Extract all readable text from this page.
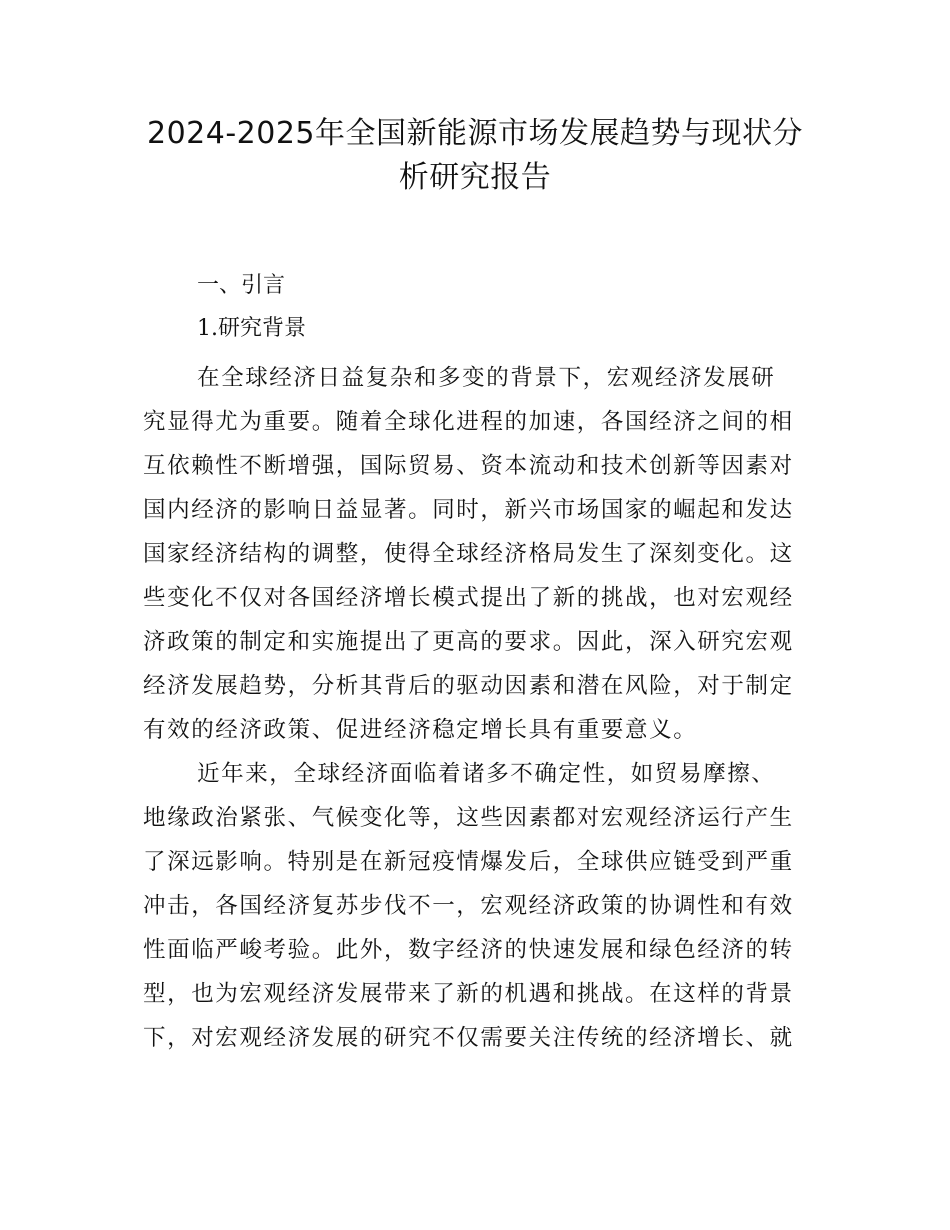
2024-2025年全国新能源市场发展趋势与现状分
析研究报告
一、引言
1.研究背景
在全球经济日益复杂和多变的背景下，宏观经济发展研
究显得尤为重要。随着全球化进程的加速，各国经济之间的相
互依赖性不断增强，国际贸易、资本流动和技术创新等因素对
国内经济的影响日益显著。同时，新兴市场国家的崛起和发达
国家经济结构的调整，使得全球经济格局发生了深刻变化。这
些变化不仅对各国经济增长模式提出了新的挑战，也对宏观经
济政策的制定和实施提出了更高的要求。因此，深入研究宏观
经济发展趋势，分析其背后的驱动因素和潜在风险，对于制定
有效的经济政策、促进经济稳定增长具有重要意义。
近年来，全球经济面临着诸多不确定性，如贸易摩擦、
地缘政治紧张、气候变化等，这些因素都对宏观经济运行产生
了深远影响。特别是在新冠疫情爆发后，全球供应链受到严重
冲击，各国经济复苏步伐不一，宏观经济政策的协调性和有效
性面临严峻考验。此外，数字经济的快速发展和绿色经济的转
型，也为宏观经济发展带来了新的机遇和挑战。在这样的背景
下，对宏观经济发展的研究不仅需要关注传统的经济增长、就
